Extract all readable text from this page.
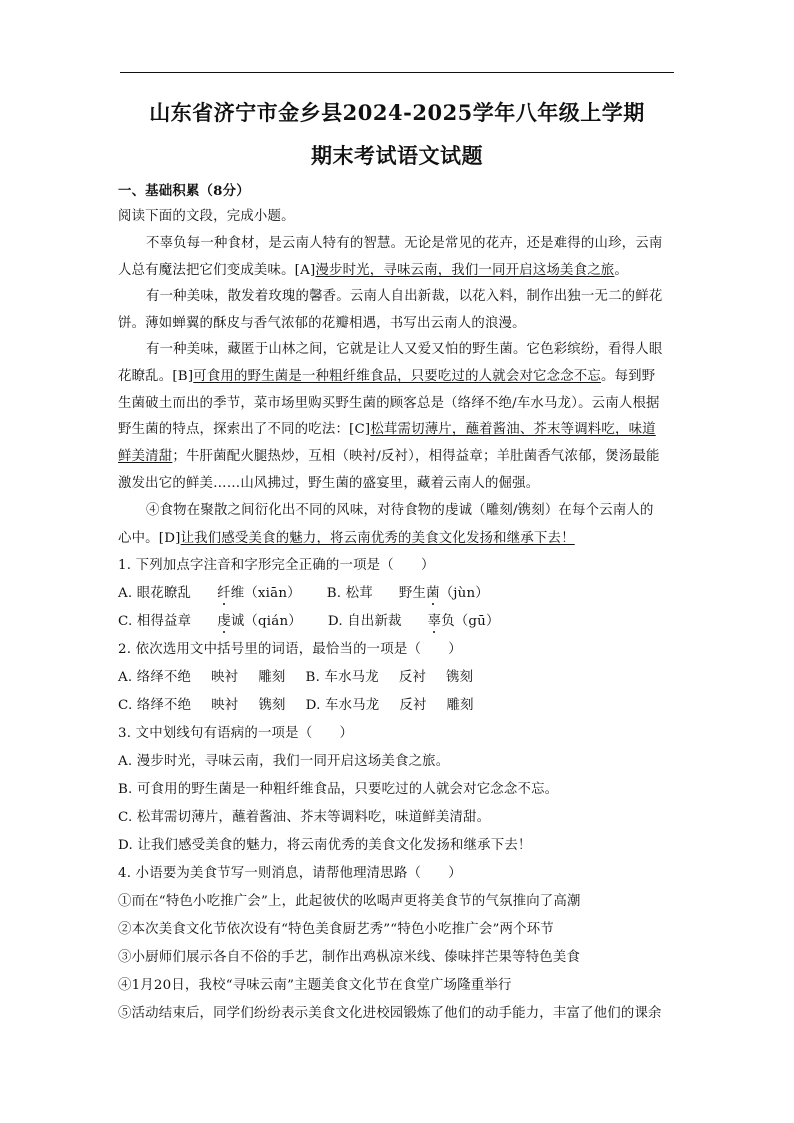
山东省济宁市金乡县2024-2025学年八年级上学期
期末考试语文试题
一、基础积累（8分）
阅读下面的文段，完成小题。
不辜负每一种食材，是云南人特有的智慧。无论是常见的花卉，还是难得的山珍，云南
人总有魔法把它们变成美味。[A]漫步时光，寻味云南，我们一同开启这场美食之旅。
有一种美味，散发着玫瑰的馨香。云南人自出新裁，以花入料，制作出独一无二的鲜花
饼。薄如蝉翼的酥皮与香气浓郁的花瓣相遇，书写出云南人的浪漫。
有一种美味，藏匿于山林之间，它就是让人又爱又怕的野生菌。它色彩缤纷，看得人眼
花瞭乱。[B]可食用的野生菌是一种粗纤维食品，只要吃过的人就会对它念念不忘。每到野
生菌破土而出的季节，菜市场里购买野生菌的顾客总是（络绎不绝/车水马龙）。云南人根据
野生菌的特点，探索出了不同的吃法：[C]松茸需切薄片，蘸着酱油、芥末等调料吃，味道
鲜美清甜；牛肝菌配火腿热炒，互相（映衬/反衬），相得益章；羊肚菌香气浓郁，煲汤最能
激发出它的鲜美……山风拂过，野生菌的盛宴里，藏着云南人的倔强。
④食物在聚散之间衍化出不同的风味，对待食物的虔诚（雕刻/镌刻）在每个云南人的
心中。[D]让我们感受美食的魅力，将云南优秀的美食文化发扬和继承下去！
1. 下列加点字注音和字形完全正确的一项是（　　）
A. 眼花瞭乱 纤维（xiān） B. 松茸 野生菌（jùn）
C. 相得益章 虔诚（qián） D. 自出新裁 辜负（gū）
2. 依次选用文中括号里的词语，最恰当的一项是（　　）
A. 络绎不绝 映衬 雕刻 B. 车水马龙 反衬 镌刻
C. 络绎不绝 映衬 镌刻 D. 车水马龙 反衬 雕刻
3. 文中划线句有语病的一项是（　　）
A. 漫步时光，寻味云南，我们一同开启这场美食之旅。
B. 可食用的野生菌是一种粗纤维食品，只要吃过的人就会对它念念不忘。
C. 松茸需切薄片，蘸着酱油、芥末等调料吃，味道鲜美清甜。
D. 让我们感受美食的魅力，将云南优秀的美食文化发扬和继承下去！
4. 小语要为美食节写一则消息，请帮他理清思路（　　）
①而在“特色小吃推广会”上，此起彼伏的吆喝声更将美食节的气氛推向了高潮
②本次美食文化节依次设有“特色美食厨艺秀”“特色小吃推广会”两个环节
③小厨师们展示各自不俗的手艺，制作出鸡枞凉米线、傣味拌芒果等特色美食
④1月20日，我校“寻味云南”主题美食文化节在食堂广场隆重举行
⑤活动结束后，同学们纷纷表示美食文化进校园锻炼了他们的动手能力，丰富了他们的课余
